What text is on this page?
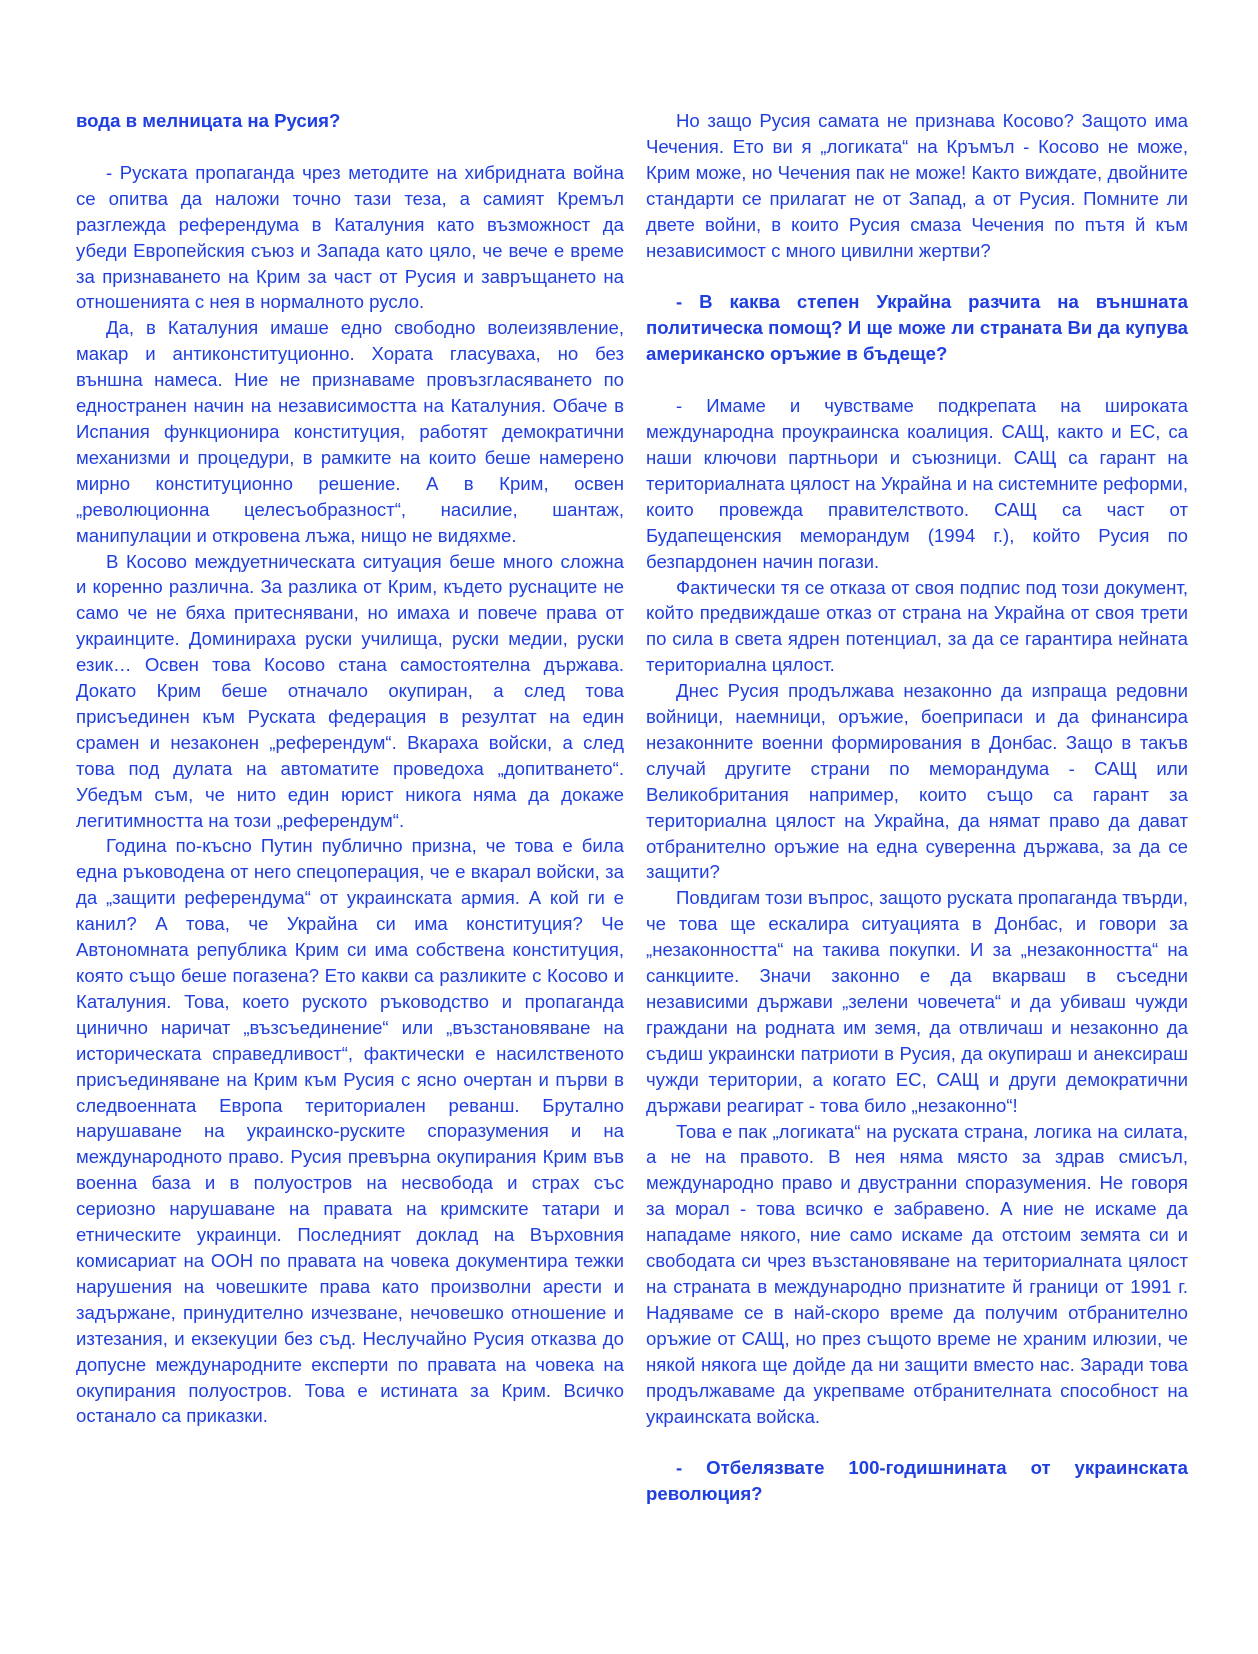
вода в мелницата на Русия?

- Руската пропаганда чрез методите на хибридната война се опитва да наложи точно тази теза, а самият Кремъл разглежда референдума в Каталуния като възможност да убеди Европейския съюз и Запада като цяло, че вече е време за признаването на Крим за част от Русия и завръщането на отношенията с нея в нормалното русло.

Да, в Каталуния имаше едно свободно волеизявление, макар и антиконституционно. Хората гласуваха, но без външна намеса. Ние не признаваме провъзгласяването по едностранен начин на независимостта на Каталуния. Обаче в Испания функционира конституция, работят демократични механизми и процедури, в рамките на които беше намерено мирно конституционно решение. А в Крим, освен „революционна целесъобразност“, насилие, шантаж, манипулации и откровена лъжа, нищо не видяхме.

В Косово междуетническата ситуация беше много сложна и коренно различна. За разлика от Крим, където руснаците не само че не бяха притеснявани, но имаха и повече права от украинците. Доминираха руски училища, руски медии, руски език… Освен това Косово стана самостоятелна държава. Докато Крим беше отначало окупиран, а след това присъединен към Руската федерация в резултат на един срамен и незаконен „референдум“. Вкараха войски, а след това под дулата на автоматите проведоха „допитването“. Убедъм съм, че нито един юрист никога няма да докаже легитимността на този „референдум“.

Година по-късно Путин публично призна, че това е била една ръководена от него спецоперация, че е вкарал войски, за да „защити референдума“ от украинската армия. А кой ги е канил? А това, че Украйна си има конституция? Че Автономната република Крим си има собствена конституция, която също беше погазена? Ето какви са разликите с Косово и Каталуния. Това, което руското ръководство и пропаганда цинично наричат „възсъединение“ или „възстановяване на историческата справедливост“, фактически е насилственото присъединяване на Крим към Русия с ясно очертан и първи в следвоенната Европа териториален реванш. Брутално нарушаване на украинско-руските споразумения и на международното право. Русия превърна окупирания Крим във военна база и в полуостров на несвобода и страх със сериозно нарушаване на правата на кримските татари и етническите украинци. Последният доклад на Върховния комисариат на ООН по правата на човека документира тежки нарушения на човешките права като произволни арести и задържане, принудително изчезване, нечовешко отношение и изтезания, и екзекуции без съд. Неслучайно Русия отказва до допусне международните експерти по правата на човека на окупирания полуостров. Това е истината за Крим. Всичко останало са приказки.

Но защо Русия самата не признава Косово? Защото има Чечения. Ето ви я „логиката“ на Кръмъл - Косово не може, Крим може, но Чечения пак не може! Както виждате, двойните стандарти се прилагат не от Запад, а от Русия. Помните ли двете войни, в които Русия смаза Чечения по пътя й към независимост с много цивилни жертви?

- В каква степен Украйна разчита на външната политическа помощ? И ще може ли страната Ви да купува американско оръжие в бъдеще?

- Имаме и чувстваме подкрепата на широката международна проукраинска коалиция. САЩ, както и ЕС, са наши ключови партньори и съюзници. САЩ са гарант на териториалната цялост на Украйна и на системните реформи, които провежда правителството. САЩ са част от Будапещенския меморандум (1994 г.), който Русия по безпардонен начин погази.

Фактически тя се отказа от своя подпис под този документ, който предвиждаше отказ от страна на Украйна от своя трети по сила в света ядрен потенциал, за да се гарантира нейната териториална цялост.

Днес Русия продължава незаконно да изпраща редовни войници, наемници, оръжие, боеприпаси и да финансира незаконните военни формирования в Донбас. Защо в такъв случай другите страни по меморандума - САЩ или Великобритания например, които също са гарант за териториална цялост на Украйна, да нямат право да дават отбранително оръжие на една суверенна държава, за да се защити?

Повдигам този въпрос, защото руската пропаганда твърди, че това ще ескалира ситуацията в Донбас, и говори за „незаконността“ на такива покупки. И за „незаконността“ на санкциите. Значи законно е да вкарваш в съседни независими държави „зелени човечета“ и да убиваш чужди граждани на родната им земя, да отвличаш и незаконно да съдиш украински патриоти в Русия, да окупираш и анексираш чужди територии, а когато ЕС, САЩ и други демократични държави реагират - това било „незаконно“!

Това е пак „логиката“ на руската страна, логика на силата, а не на правото. В нея няма място за здрав смисъл, международно право и двустранни споразумения. Не говоря за морал - това всичко е забравено. А ние не искаме да нападаме някого, ние само искаме да отстоим земята си и свободата си чрез възстановяване на териториалната цялост на страната в международно признатите й граници от 1991 г. Надяваме се в най-скоро време да получим отбранително оръжие от САЩ, но през същото време не храним илюзии, че някой някога ще дойде да ни защити вместо нас. Заради това продължаваме да укрепваме отбранителната способност на украинската войска.

- Отбелязвате 100-годишнината от украинската революция?
